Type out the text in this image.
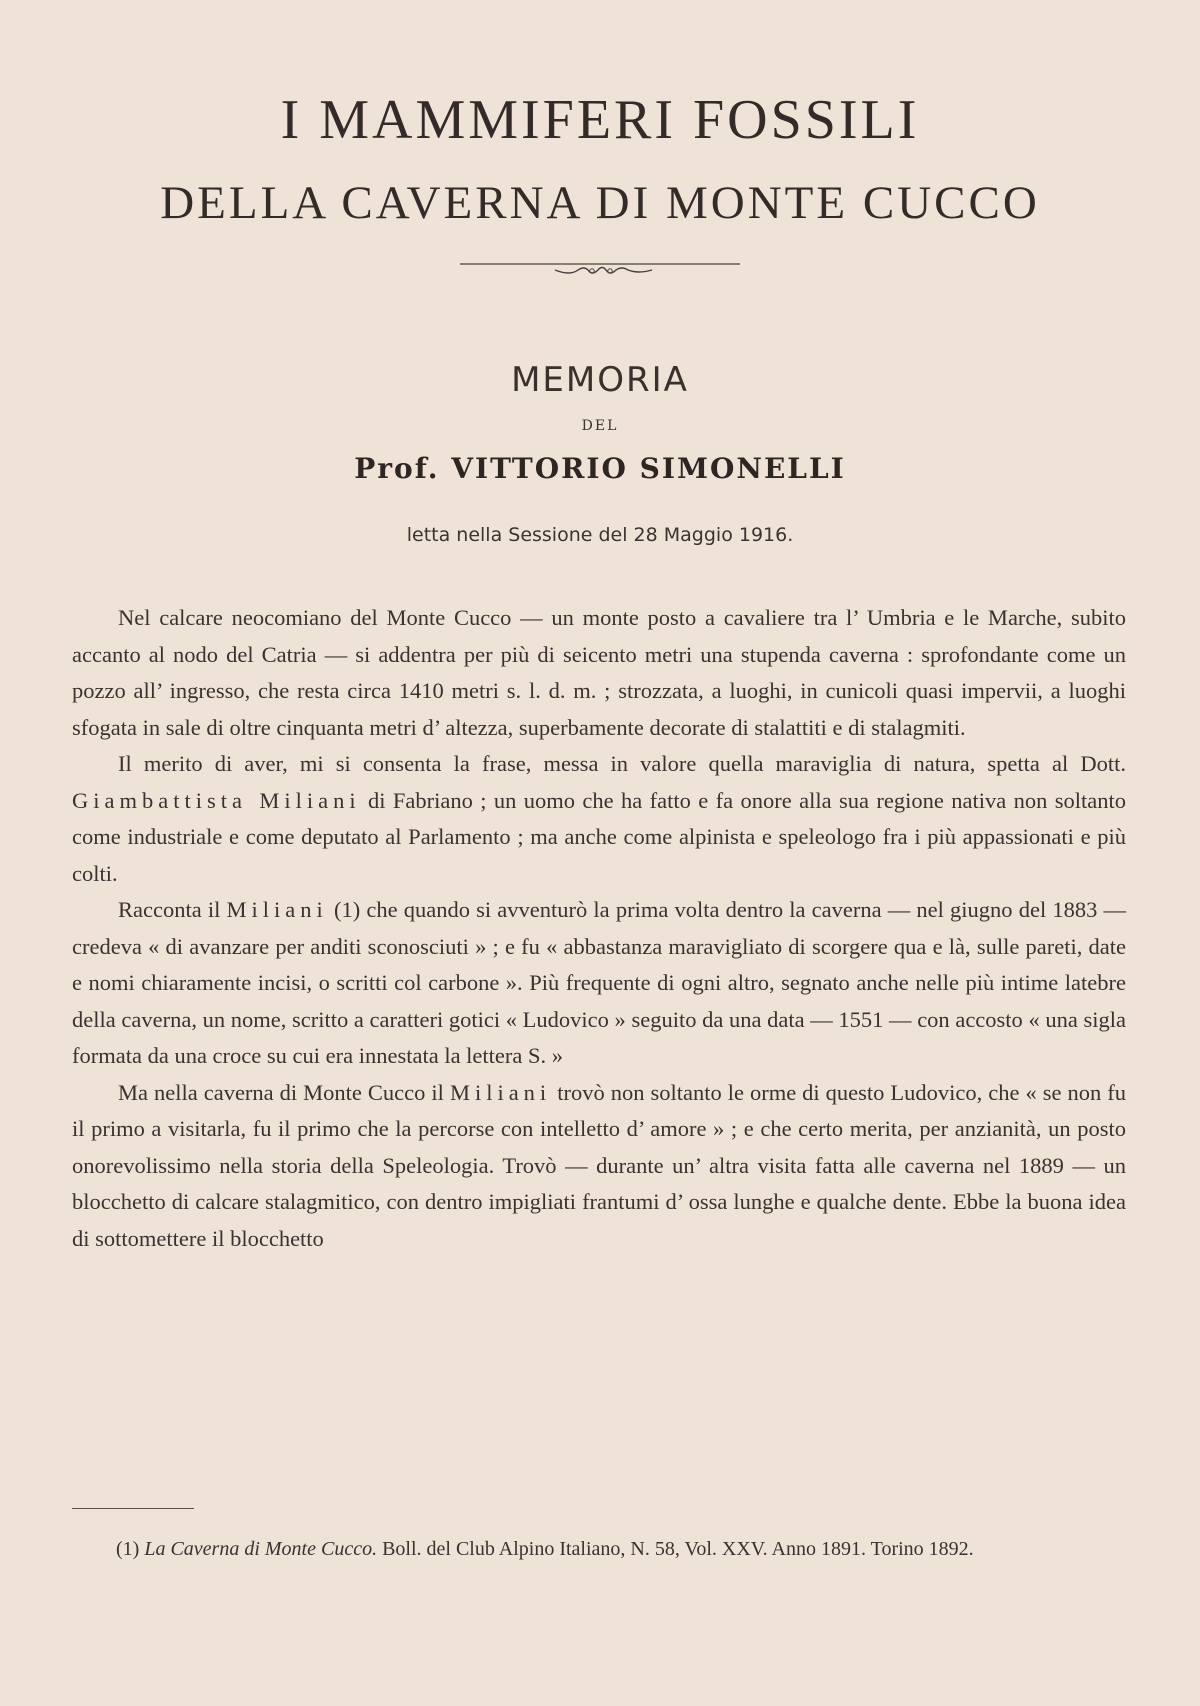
I MAMMIFERI FOSSILI
DELLA CAVERNA DI MONTE CUCCO
MEMORIA
DEL
Prof. VITTORIO SIMONELLI
letta nella Sessione del 28 Maggio 1916.

Nel calcare neocomiano del Monte Cucco — un monte posto a cavaliere tra l’ Umbria e le Marche, subito accanto al nodo del Catria — si addentra per più di seicento metri una stupenda caverna : sprofondante come un pozzo all’ ingresso, che resta circa 1410 metri s. l. d. m. ; strozzata, a luoghi, in cunicoli quasi impervii, a luoghi sfogata in sale di oltre cinquanta metri d’ altezza, superbamente decorate di stalattiti e di stalagmiti.

Il merito di aver, mi si consenta la frase, messa in valore quella maraviglia di natura, spetta al Dott. Giambattista Miliani di Fabriano ; un uomo che ha fatto e fa onore alla sua regione nativa non soltanto come industriale e come deputato al Parlamento ; ma anche come alpinista e speleologo fra i più appassionati e più colti.

Racconta il Miliani (1) che quando si avventurò la prima volta dentro la caverna — nel giugno del 1883 — credeva « di avanzare per anditi sconosciuti » ; e fu « abbastanza maravigliato di scorgere qua e là, sulle pareti, date e nomi chiaramente incisi, o scritti col carbone ». Più frequente di ogni altro, segnato anche nelle più intime latebre della caverna, un nome, scritto a caratteri gotici « Ludovico » seguito da una data — 1551 — con accosto « una sigla formata da una croce su cui era innestata la lettera S. »

Ma nella caverna di Monte Cucco il Miliani trovò non soltanto le orme di questo Ludovico, che « se non fu il primo a visitarla, fu il primo che la percorse con intelletto d’ amore » ; e che certo merita, per anzianità, un posto onorevolissimo nella storia della Speleologia. Trovò — durante un’ altra visita fatta alle caverna nel 1889 — un blocchetto di calcare stalagmitico, con dentro impigliati frantumi d’ ossa lunghe e qualche dente. Ebbe la buona idea di sottomettere il blocchetto

(1) La Caverna di Monte Cucco. Boll. del Club Alpino Italiano, N. 58, Vol. XXV. Anno 1891. Torino 1892.
